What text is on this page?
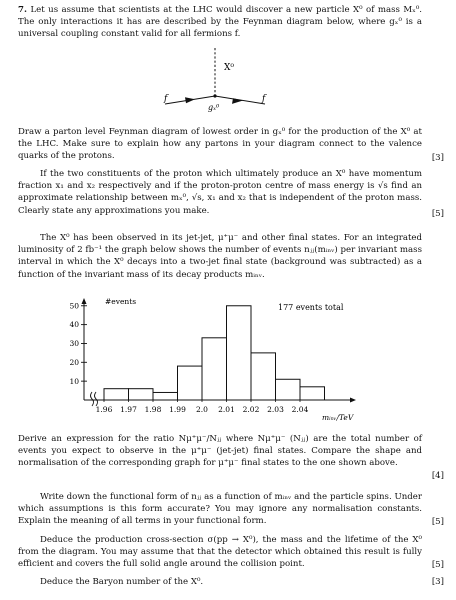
7. Let us assume that scientists at the LHC would discover a new particle X⁰ of mass Mₓ⁰. The only interactions it has are described by the Feynman diagram below, where gₓ⁰ is a universal coupling constant valid for all fermions f.

X⁰
f	f
gₓ⁰

Draw a parton level Feynman diagram of lowest order in gₓ⁰ for the production of the X⁰ at the LHC. Make sure to explain how any partons in your diagram connect to the valence quarks of the protons.	[3]

If the two constituents of the proton which ultimately produce an X⁰ have momentum fraction x₁ and x₂ respectively and if the proton-proton centre of mass energy is √s find an approximate relationship between mₓ⁰, √s, x₁ and x₂ that is independent of the proton mass. Clearly state any approximations you make.	[5]

The X⁰ has been observed in its jet-jet, μ⁺μ⁻ and other final states. For an integrated luminosity of 2 fb⁻¹ the graph below shows the number of events nⱼⱼ(mᵢₙᵥ) per invariant mass interval in which the X⁰ decays into a two-jet final state (background was subtracted) as a function of the invariant mass of its decay products mᵢₙᵥ.

#events
mᵢₙᵥ/TeV
177 events total
10
20
30
40
50
1.96 1.97 1.98 1.99 2.0 2.01 2.02 2.03 2.04

Derive an expression for the ratio Nμ⁺μ⁻/Nⱼⱼ where Nμ⁺μ⁻ (Nⱼⱼ) are the total number of events you expect to observe in the μ⁺μ⁻ (jet-jet) final states. Compare the shape and normalisation of the corresponding graph for μ⁺μ⁻ final states to the one shown above.

[4]

Write down the functional form of nⱼⱼ as a function of mᵢₙᵥ and the particle spins. Under which assumptions is this form accurate? You may ignore any normalisation constants. Explain the meaning of all terms in your functional form.	[5]

Deduce the production cross-section σ(pp → X⁰), the mass and the lifetime of the X⁰ from the diagram. You may assume that that the detector which obtained this result is fully efficient and covers the full solid angle around the collision point.	[5]

Deduce the Baryon number of the X⁰.	[3]
